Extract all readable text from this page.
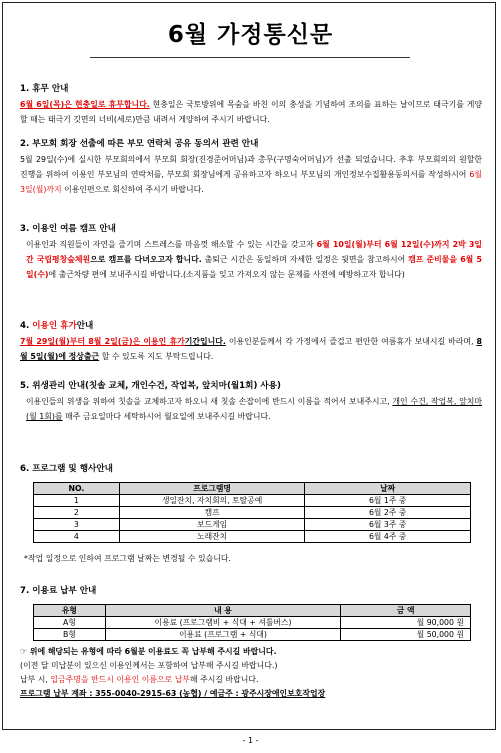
6월 가정통신문
1. 휴무 안내
6월 6일(목)은 현충일로 휴무합니다. 현충일은 국토방위에 목숨을 바친 이의 충성을 기념하여 조의를 표하는 날이므로 태극기를 게양할 때는 태극기 깃면의 너비(세로)만큼 내려서 게양하여 주시기 바랍니다.
2. 부모회 회장 선출에 따른 부모 연락처 공유 동의서 관련 안내
5월 29일(수)에 실시한 부모회의에서 부모회 회장(진경준어머님)과 총무(구명숙어머님)가 선출 되었습니다. 추후 부모회의의 원할한 진행을 위하여 이용인 부모님의 연락처를, 부모회 회장님에게 공유하고자 하오니 부모님의 개인정보수집활용동의서를 작성하시어 6월 3일(월)까지 이용인편으로 회신하여 주시기 바랍니다.
3. 이용인 여름 캠프 안내
이용인과 직원들이 자연을 즐기며 스트레스를 마음껏 해소할 수 있는 시간을 갖고자 6월 10일(월)부터 6월 12일(수)까지 2박 3일 간 국립평창숲체원으로 캠프를 다녀오고자 합니다. 출퇴근 시간은 동일하며 자세한 일정은 뒷면을 참고하시어 캠프 준비물을 6월 5일(수)에 출근차량 편에 보내주시길 바랍니다.(소지품을 잊고 가져오지 않는 문제를 사전에 예방하고자 합니다)
4. 이용인 휴가안내
7월 29일(월)부터 8월 2일(금)은 이용인 휴가기간입니다. 이용인분들께서 각 가정에서 즐겁고 편안한 여름휴가 보내시길 바라며, 8월 5일(월)에 정상출근 할 수 있도록 지도 부탁드립니다.
5. 위생관리 안내(칫솔 교체, 개인수건, 작업복, 앞치마(월1회) 사용)
이용인들의 위생을 위하여 칫솔을 교체하고자 하오니 새 칫솔 손잡이에 반드시 이름을 적어서 보내주시고, 개인 수건, 작업복, 앞치마(월 1회)를 매주 금요일마다 세탁하시어 월요일에 보내주시길 바랍니다.
6. 프로그램 및 행사안내
NO.	프로그램명	날짜
1	생일잔치, 자치회의, 토탈공예	6월 1주 중
2	캠프	6월 2주 중
3	보드게임	6월 3주 중
4	노래잔치	6월 4주 중
*작업 일정으로 인하여 프로그램 날짜는 변경될 수 있습니다.
7. 이용료 납부 안내
유형	내 용	금 액
A형	이용료 (프로그램비 + 식대 + 셔틀버스)	월 90,000 원
B형	이용료 (프로그램 + 식대)	월 50,000 원
☞ 위에 해당되는 유형에 따라 6월분 이용료도 꼭 납부해 주시길 바랍니다.
(이전 달 미납분이 있으신 이용인께서는 포함하여 납부해 주시길 바랍니다.)
납부 시, 입금주명을 반드시 이용인 이름으로 납부해 주시길 바랍니다.
프로그램 납부 계좌 : 355-0040-2915-63 (농협) / 예금주 : 광주시장애인보호작업장
- 1 -
